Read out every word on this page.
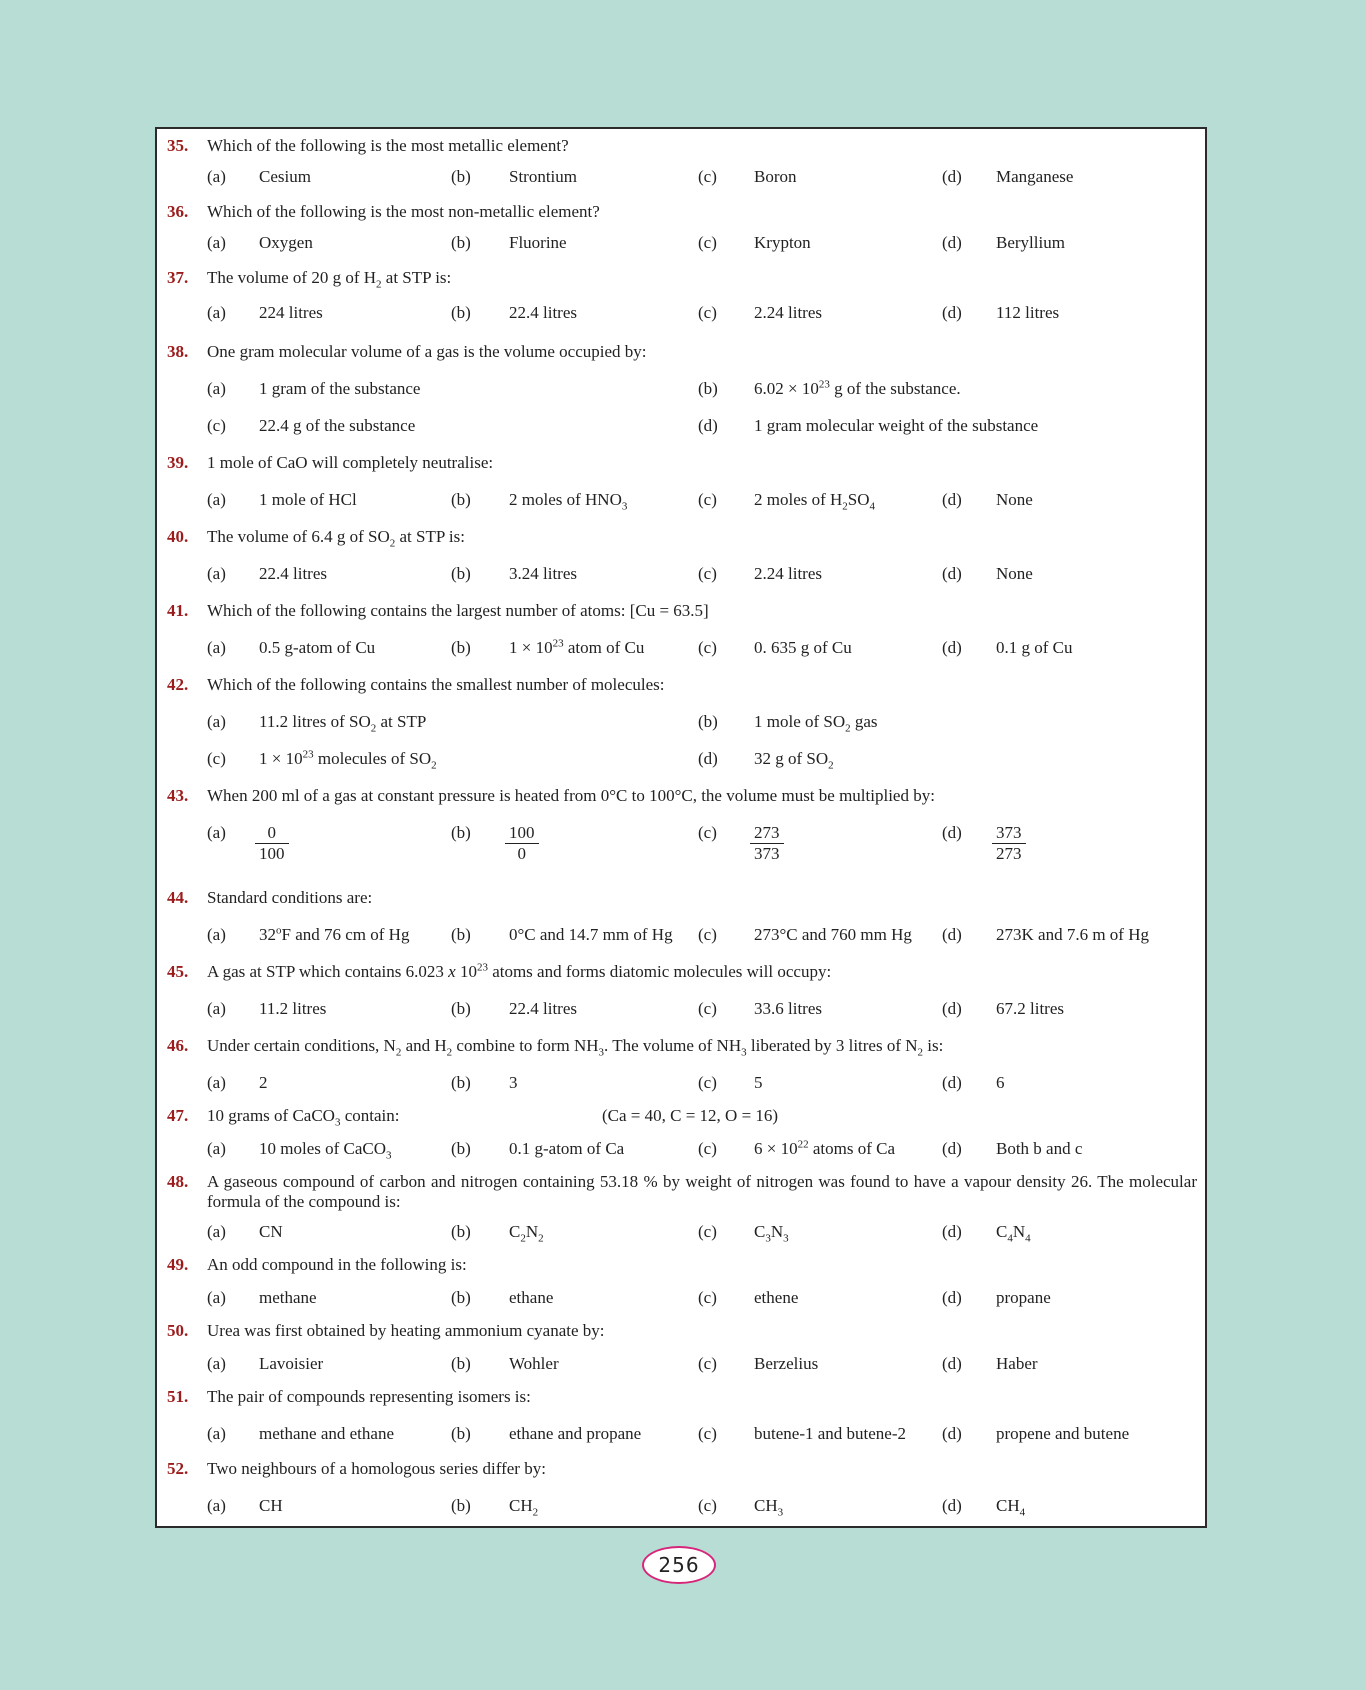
35. Which of the following is the most metallic element?
(a) Cesium	(b) Strontium	(c) Boron	(d) Manganese
36. Which of the following is the most non-metallic element?
(a) Oxygen	(b) Fluorine	(c) Krypton	(d) Beryllium
37. The volume of 20 g of $H_2$ at STP is:
(a) 224 litres	(b) 22.4 litres	(c) 2.24 litres	(d) 112 litres
38. One gram molecular volume of a gas is the volume occupied by:
(a) 1 gram of the substance	(b) $6.02 \times 10^{23}$ g of the substance.
(c) 22.4 g of the substance	(d) 1 gram molecular weight of the substance
39. 1 mole of CaO will completely neutralise:
(a) 1 mole of HCl	(b) 2 moles of $HNO_3$	(c) 2 moles of $H_2SO_4$	(d) None
40. The volume of 6.4 g of $SO_2$ at STP is:
(a) 22.4 litres	(b) 3.24 litres	(c) 2.24 litres	(d) None
41. Which of the following contains the largest number of atoms: [Cu = 63.5]
(a) 0.5 g-atom of Cu	(b) $1 \times 10^{23}$ atom of Cu	(c) 0. 635 g of Cu	(d) 0.1 g of Cu
42. Which of the following contains the smallest number of molecules:
(a) 11.2 litres of $SO_2$ at STP	(b) 1 mole of $SO_2$ gas
(c) $1 \times 10^{23}$ molecules of $SO_2$	(d) 32 g of $SO_2$
43. When 200 ml of a gas at constant pressure is heated from 0°C to 100°C, the volume must be multiplied by:
$(a) \frac{0}{100}$	$(b) \frac{100}{0}$	$(c) \frac{273}{373}$	$(d) \frac{373}{273}$
44. Standard conditions are:
(a) 32$^o$F and 76 cm of Hg (b) 0°C and 14.7 mm of Hg (c) 273°C and 760 mm Hg (d) 273K and 7.6 m of Hg
45. A gas at STP which contains 6.023 x $10^{23}$ atoms and forms diatomic molecules will occupy:
(a) 11.2 litres	(b) 22.4 litres	(c) 33.6 litres	(d) 67.2 litres
46. Under certain conditions, $N_2$ and $H_2$ combine to form $NH_3$. The volume of $NH_3$ liberated by 3 litres of $N_2$ is:
(a) 2	(b) 3	(c) 5	(d) 6
47. 10 grams of CaCO$_3$ contain:	(Ca = 40, C = 12, O = 16)
(a) 10 moles of CaCO$_3$	(b) 0.1 g-atom of Ca	(c) $6 \times 10^{22}$ atoms of Ca	(d) Both b and c
48. A gaseous compound of carbon and nitrogen containing 53.18 % by weight of nitrogen was found to have a vapour density 26. The molecular formula of the compound is:
(a) CN	(b) $C_2N_2$	(c) $C_3N_3$	(d) $C_4N_4$
49. An odd compound in the following is:
(a) methane	(b) ethane	(c) ethene	(d) propane
50. Urea was first obtained by heating ammonium cyanate by:
(a) Lavoisier	(b) Wohler	(c) Berzelius	(d) Haber
51. The pair of compounds representing isomers is:
(a) methane and ethane	(b) ethane and propane	(c) butene-1 and butene-2 (d) propene and butene
52. Two neighbours of a homologous series differ by:
(a) CH	(b) $CH_2$	(c) $CH_3$	(d) $CH_4$
256
